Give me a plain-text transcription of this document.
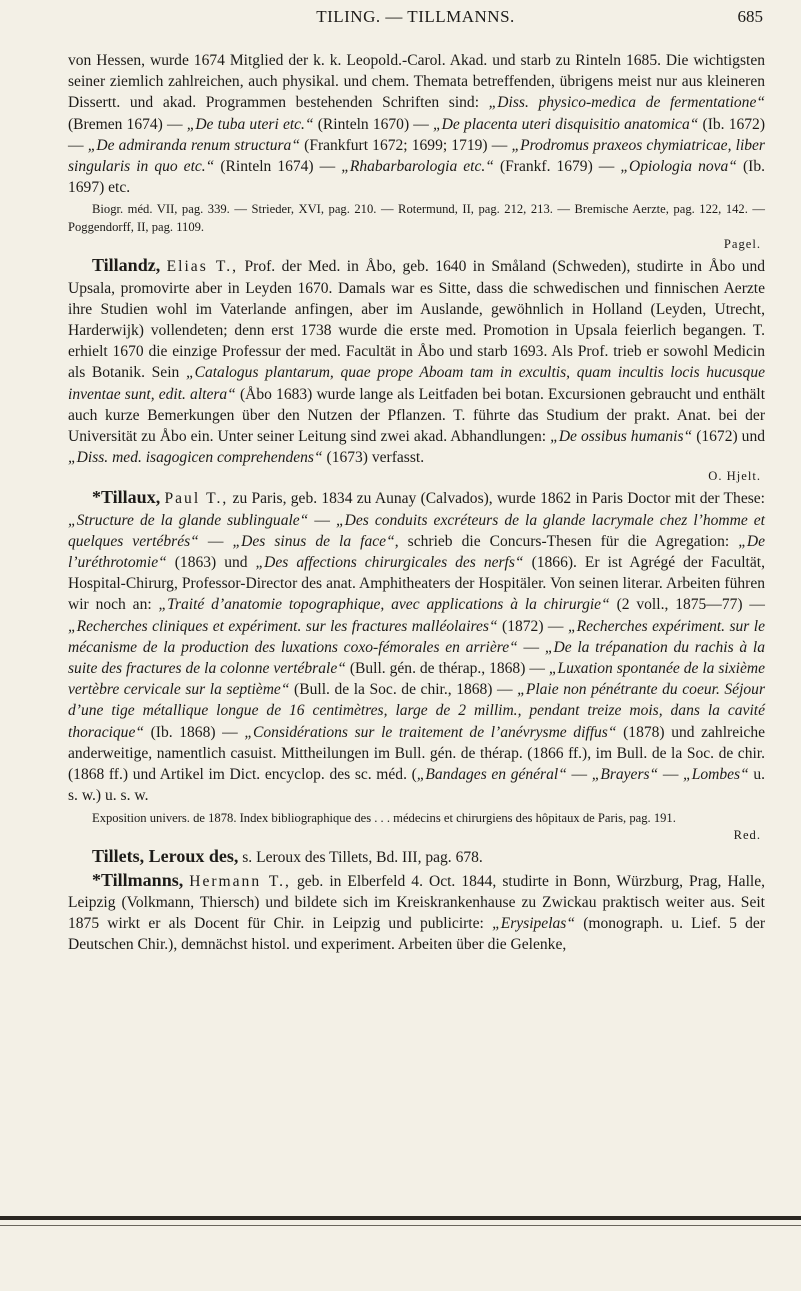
TILING. — TILLMANNS.	685

von Hessen, wurde 1674 Mitglied der k. k. Leopold.-Carol. Akad. und starb zu Rinteln 1685. Die wichtigsten seiner ziemlich zahlreichen, auch physikal. und chem. Themata betreffenden, übrigens meist nur aus kleineren Dissertt. und akad. Programmen bestehenden Schriften sind: „Diss. physico-medica de fermentatione“ (Bremen 1674) — „De tuba uteri etc.“ (Rinteln 1670) — „De placenta uteri disquisitio anatomica“ (Ib. 1672) — „De admiranda renum structura“ (Frankfurt 1672; 1699; 1719) — „Prodromus praxeos chymiatricae, liber singularis in quo etc.“ (Rinteln 1674) — „Rhabarbarologia etc.“ (Frankf. 1679) — „Opiologia nova“ (Ib. 1697) etc.

Biogr. méd. VII, pag. 339. — Strieder, XVI, pag. 210. — Rotermund, II, pag. 212, 213. — Bremische Aerzte, pag. 122, 142. — Poggendorff, II, pag. 1109.

Pagel.

Tillandz, Elias T., Prof. der Med. in Åbo, geb. 1640 in Småland (Schweden), studirte in Åbo und Upsala, promovirte aber in Leyden 1670. Damals war es Sitte, dass die schwedischen und finnischen Aerzte ihre Studien wohl im Vaterlande anfingen, aber im Auslande, gewöhnlich in Holland (Leyden, Utrecht, Harderwijk) vollendeten; denn erst 1738 wurde die erste med. Promotion in Upsala feierlich begangen. T. erhielt 1670 die einzige Professur der med. Facultät in Åbo und starb 1693. Als Prof. trieb er sowohl Medicin als Botanik. Sein „Catalogus plantarum, quae prope Aboam tam in excultis, quam incultis locis hucusque inventae sunt, edit. altera“ (Åbo 1683) wurde lange als Leitfaden bei botan. Excursionen gebraucht und enthält auch kurze Bemerkungen über den Nutzen der Pflanzen. T. führte das Studium der prakt. Anat. bei der Universität zu Åbo ein. Unter seiner Leitung sind zwei akad. Abhandlungen: „De ossibus humanis“ (1672) und „Diss. med. isagogicen comprehendens“ (1673) verfasst.

O. Hjelt.

*Tillaux, Paul T., zu Paris, geb. 1834 zu Aunay (Calvados), wurde 1862 in Paris Doctor mit der These: „Structure de la glande sublinguale“ — „Des conduits excréteurs de la glande lacrymale chez l’homme et quelques vertébrés“ — „Des sinus de la face“, schrieb die Concurs-Thesen für die Agregation: „De l’uréthrotomie“ (1863) und „Des affections chirurgicales des nerfs“ (1866). Er ist Agrégé der Facultät, Hospital-Chirurg, Professor-Director des anat. Amphitheaters der Hospitäler. Von seinen literar. Arbeiten führen wir noch an: „Traité d’anatomie topographique, avec applications à la chirurgie“ (2 voll., 1875—77) — „Recherches cliniques et expériment. sur les fractures malléolaires“ (1872) — „Recherches expériment. sur le mécanisme de la production des luxations coxo-fémorales en arrière“ — „De la trépanation du rachis à la suite des fractures de la colonne vertébrale“ (Bull. gén. de thérap., 1868) — „Luxation spontanée de la sixième vertèbre cervicale sur la septième“ (Bull. de la Soc. de chir., 1868) — „Plaie non pénétrante du coeur. Séjour d’une tige métallique longue de 16 centimètres, large de 2 millim., pendant treize mois, dans la cavité thoracique“ (Ib. 1868) — „Considérations sur le traitement de l’anévrysme diffus“ (1878) und zahlreiche anderweitige, namentlich casuist. Mittheilungen im Bull. gén. de thérap. (1866 ff.), im Bull. de la Soc. de chir. (1868 ff.) und Artikel im Dict. encyclop. des sc. méd. („Bandages en général“ — „Brayers“ — „Lombes“ u. s. w.) u. s. w.

Exposition univers. de 1878. Index bibliographique des . . . médecins et chirurgiens des hôpitaux de Paris, pag. 191.

Red.

Tillets, Leroux des, s. Leroux des Tillets, Bd. III, pag. 678.

*Tillmanns, Hermann T., geb. in Elberfeld 4. Oct. 1844, studirte in Bonn, Würzburg, Prag, Halle, Leipzig (Volkmann, Thiersch) und bildete sich im Kreiskrankenhause zu Zwickau praktisch weiter aus. Seit 1875 wirkt er als Docent für Chir. in Leipzig und publicirte: „Erysipelas“ (monograph. u. Lief. 5 der Deutschen Chir.), demnächst histol. und experiment. Arbeiten über die Gelenke,
